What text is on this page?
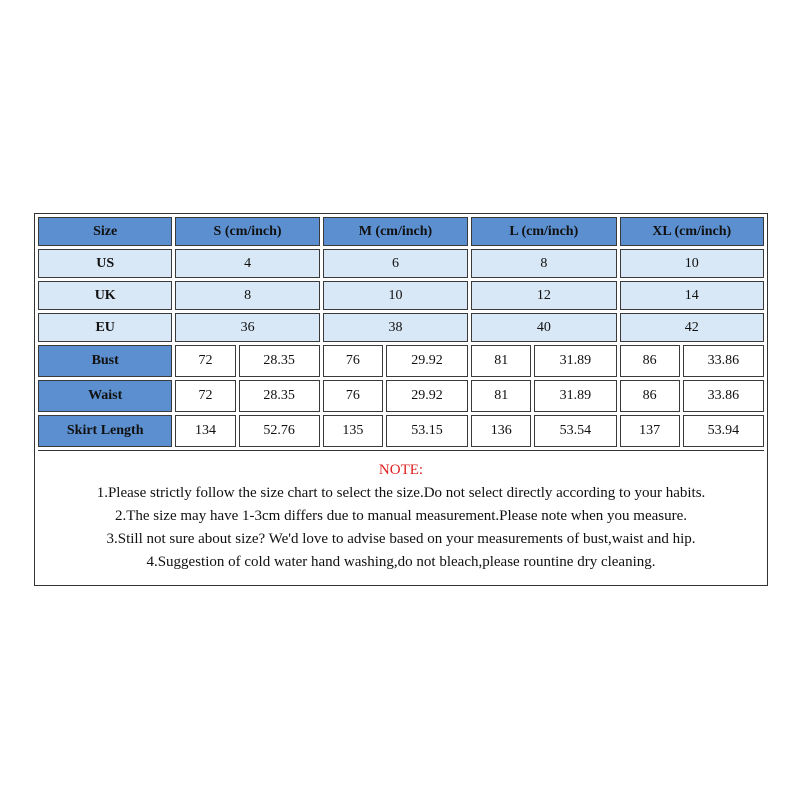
Size	S (cm/inch)		M (cm/inch)		L (cm/inch)		XL (cm/inch)	
US	4		6		8		10	
UK	8		10		12		14	
EU	36		38		40		42	
Bust	72	28.35	76	29.92	81	31.89	86	33.86
Waist	72	28.35	76	29.92	81	31.89	86	33.86
Skirt Length	134	52.76	135	53.15	136	53.54	137	53.94
NOTE:
1.Please strictly follow the size chart to select the size.Do not select directly according to your habits.
2.The size may have 1-3cm differs due to manual measurement.Please note when you measure.
3.Still not sure about size? We'd love to advise based on your measurements of bust,waist and hip.
4.Suggestion of cold water hand washing,do not bleach,please rountine dry cleaning.
